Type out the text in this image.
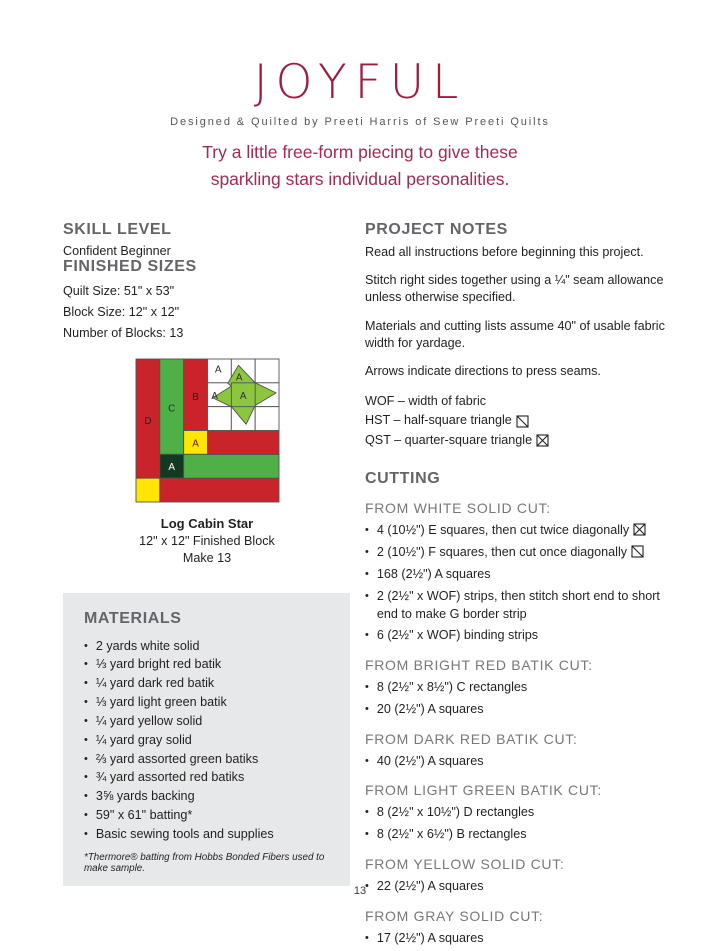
JOYFUL
Designed & Quilted by Preeti Harris of Sew Preeti Quilts
Try a little free-form piecing to give these
sparkling stars individual personalities.
SKILL LEVEL

Confident Beginner

FINISHED SIZES

Quilt Size: 51" x 53"

Block Size: 12" x 12"

Number of Blocks: 13

D
C
B
A
A
A
A
A A
Log Cabin Star
12" x 12" Finished Block
Make 13
MATERIALS
• 2 yards white solid
• ⅓ yard bright red batik
• ¼ yard dark red batik
• ⅓ yard light green batik
• ¼ yard yellow solid
• ¼ yard gray solid
• ⅔ yard assorted green batiks
• ¾ yard assorted red batiks
• 3⅝ yards backing
• 59" x 61" batting*
• Basic sewing tools and supplies

*Thermore® batting from Hobbs Bonded Fibers used to make sample.

PROJECT NOTES

Read all instructions before beginning this project.

Stitch right sides together using a ¼" seam allowance unless otherwise specified.

Materials and cutting lists assume 40" of usable fabric width for yardage.

Arrows indicate directions to press seams.

WOF – width of fabric
HST – half-square triangle
QST – quarter-square triangle
CUTTING
FROM WHITE SOLID CUT:
• 4 (10½") E squares, then cut twice diagonally
• 2 (10½") F squares, then cut once diagonally
• 168 (2½") A squares
• 2 (2½" x WOF) strips, then stitch short end to short end to make G border strip
• 6 (2½" x WOF) binding strips
FROM BRIGHT RED BATIK CUT:
• 8 (2½" x 8½") C rectangles
• 20 (2½") A squares
FROM DARK RED BATIK CUT:
• 40 (2½") A squares
FROM LIGHT GREEN BATIK CUT:
• 8 (2½" x 10½") D rectangles
• 8 (2½" x 6½") B rectangles
FROM YELLOW SOLID CUT:
• 22 (2½") A squares
FROM GRAY SOLID CUT:
• 17 (2½") A squares
13
